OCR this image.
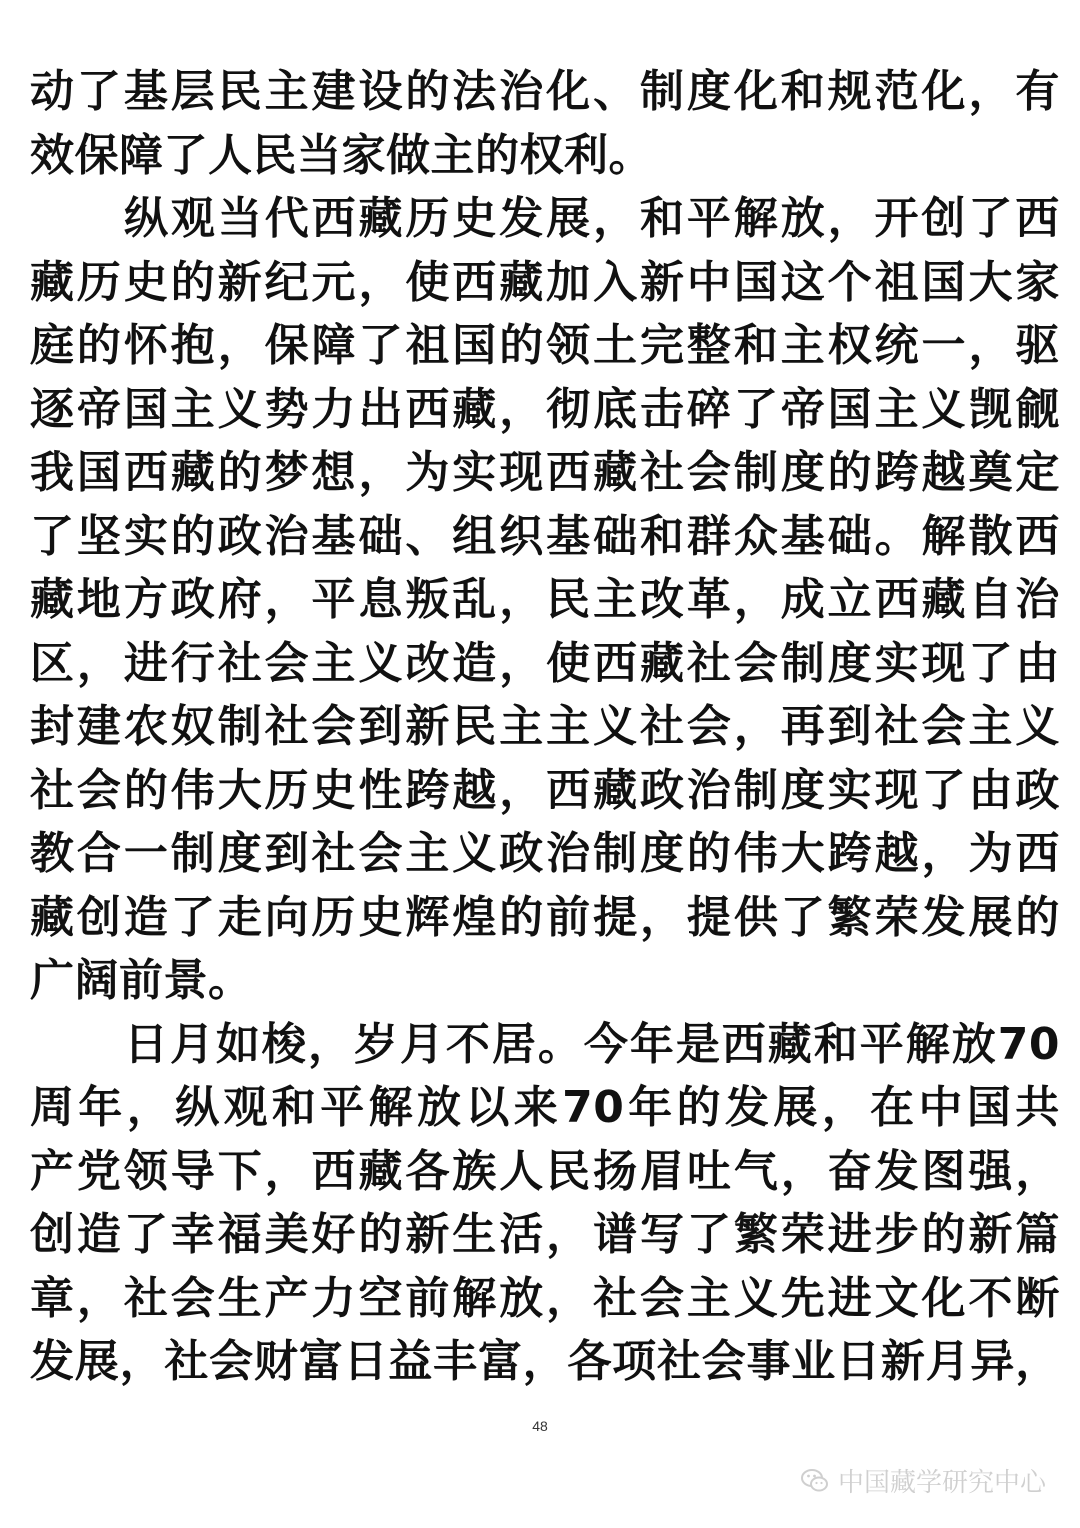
动 了 基 层 民 主 建 设 的 法 治 化 、 制 度 化 和 规 范 化 ， 有
效保障了人民当家做主的权利。
纵 观 当 代 西 藏 历 史 发 展 ， 和 平 解 放 ， 开 创 了 西
藏 历 史 的 新 纪 元 ， 使 西 藏 加 入 新 中 国 这 个 祖 国 大 家
庭 的 怀 抱 ， 保 障 了 祖 国 的 领 土 完 整 和 主 权 统 一 ， 驱
逐 帝 国 主 义 势 力 出 西 藏 ， 彻 底 击 碎 了 帝 国 主 义 觊 觎
我 国 西 藏 的 梦 想 ， 为 实 现 西 藏 社 会 制 度 的 跨 越 奠 定
了 坚 实 的 政 治 基 础 、 组 织 基 础 和 群 众 基 础 。 解 散 西
藏 地 方 政 府 ， 平 息 叛 乱 ， 民 主 改 革 ， 成 立 西 藏 自 治
区 ， 进 行 社 会 主 义 改 造 ， 使 西 藏 社 会 制 度 实 现 了 由
封 建 农 奴 制 社 会 到 新 民 主 主 义 社 会 ， 再 到 社 会 主 义
社 会 的 伟 大 历 史 性 跨 越 ， 西 藏 政 治 制 度 实 现 了 由 政
教 合 一 制 度 到 社 会 主 义 政 治 制 度 的 伟 大 跨 越 ， 为 西
藏 创 造 了 走 向 历 史 辉 煌 的 前 提 ， 提 供 了 繁 荣 发 展 的
广阔前景。
日 月 如 梭 ， 岁 月 不 居 。 今 年 是 西 藏 和 平 解 放 70
周 年 ， 纵 观 和 平 解 放 以 来 70 年 的 发 展 ， 在 中 国 共
产 党 领 导 下 ， 西 藏 各 族 人 民 扬 眉 吐 气 ， 奋 发 图 强 ，
创 造 了 幸 福 美 好 的 新 生 活 ， 谱 写 了 繁 荣 进 步 的 新 篇
章 ， 社 会 生 产 力 空 前 解 放 ， 社 会 主 义 先 进 文 化 不 断
发 展 ， 社 会 财 富 日 益 丰 富 ， 各 项 社 会 事 业 日 新 月 异 ，
48
中国藏学研究中心
